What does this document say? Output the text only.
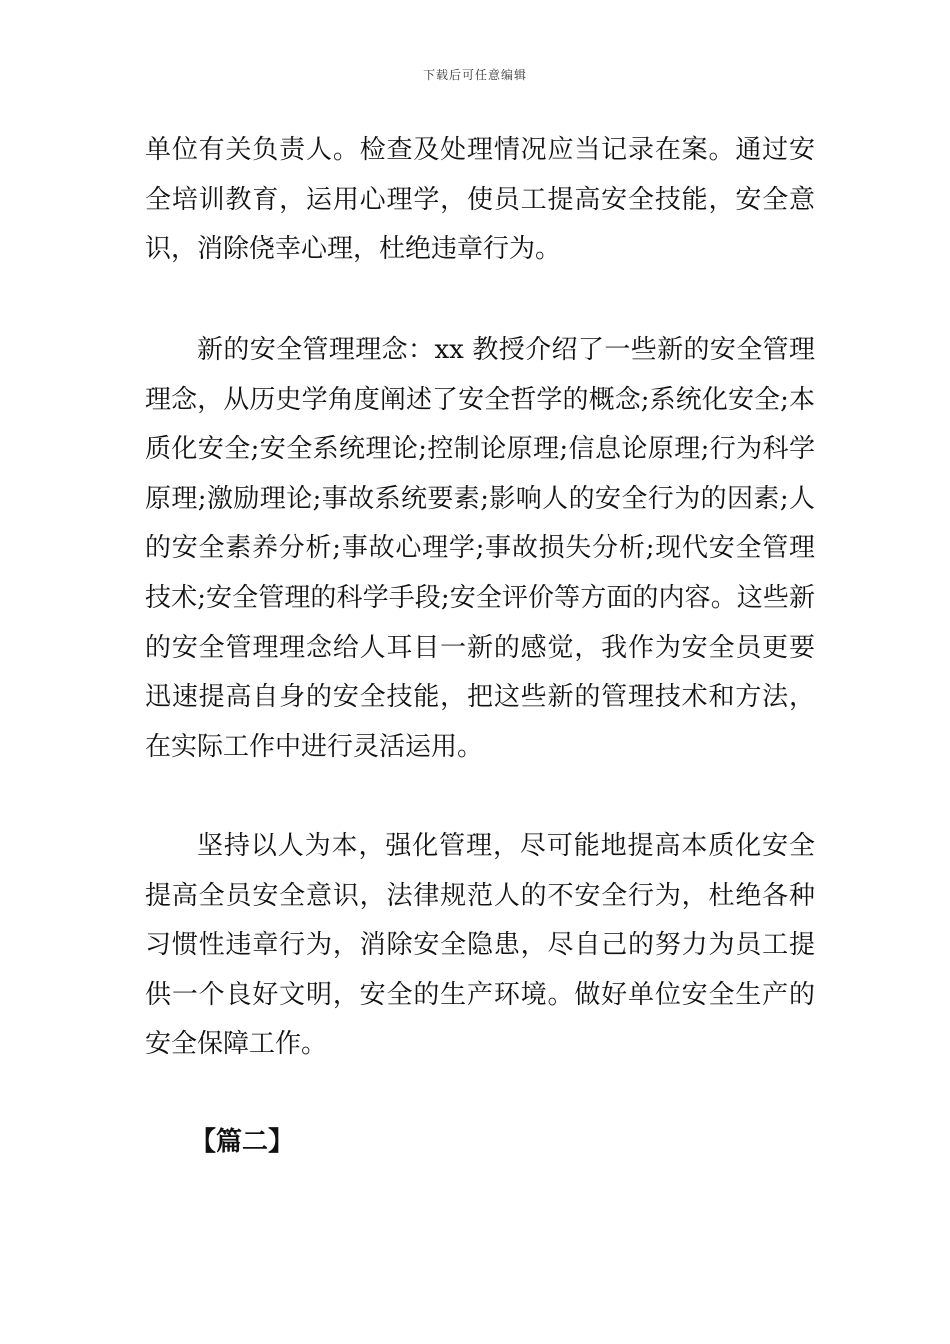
下载后可任意编辑

单位有关负责人。检查及处理情况应当记录在案。通过安全培训教育，运用心理学，使员工提高安全技能，安全意识，消除侥幸心理，杜绝违章行为。

新的安全管理理念：xx 教授介绍了一些新的安全管理理念，从历史学角度阐述了安全哲学的概念;系统化安全;本质化安全;安全系统理论;控制论原理;信息论原理;行为科学原理;激励理论;事故系统要素;影响人的安全行为的因素;人的安全素养分析;事故心理学;事故损失分析;现代安全管理技术;安全管理的科学手段;安全评价等方面的内容。这些新的安全管理理念给人耳目一新的感觉，我作为安全员更要迅速提高自身的安全技能，把这些新的管理技术和方法，在实际工作中进行灵活运用。

坚持以人为本，强化管理，尽可能地提高本质化安全提高全员安全意识，法律规范人的不安全行为，杜绝各种习惯性违章行为，消除安全隐患，尽自己的努力为员工提供一个良好文明，安全的生产环境。做好单位安全生产的安全保障工作。

【篇二】
